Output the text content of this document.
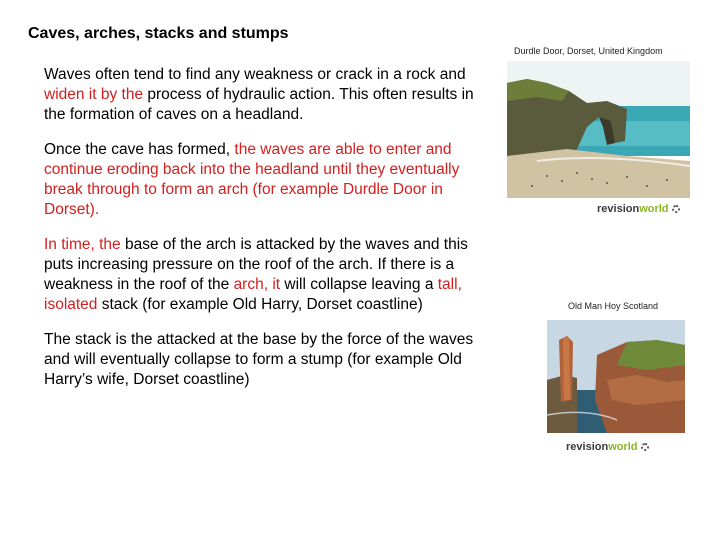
Caves, arches, stacks and stumps

Waves often tend to find any weakness or crack in a rock and widen it by the process of hydraulic action. This often results in the formation of caves on a headland.

Once the cave has formed, the waves are able to enter and continue eroding back into the headland until they eventually break through to form an arch (for example Durdle Door in Dorset).

In time, the base of the arch is attacked by the waves and this puts increasing pressure on the roof of the arch. If there is a weakness in the roof of the arch, it will collapse leaving a tall, isolated stack (for example Old Harry, Dorset coastline)

The stack is the attacked at the base by the force of the waves and will eventually collapse to form a stump (for example Old Harry’s wife, Dorset coastline)

Durdle Door, Dorset, United Kingdom
revision world
Old Man Hoy Scotland
revision world
